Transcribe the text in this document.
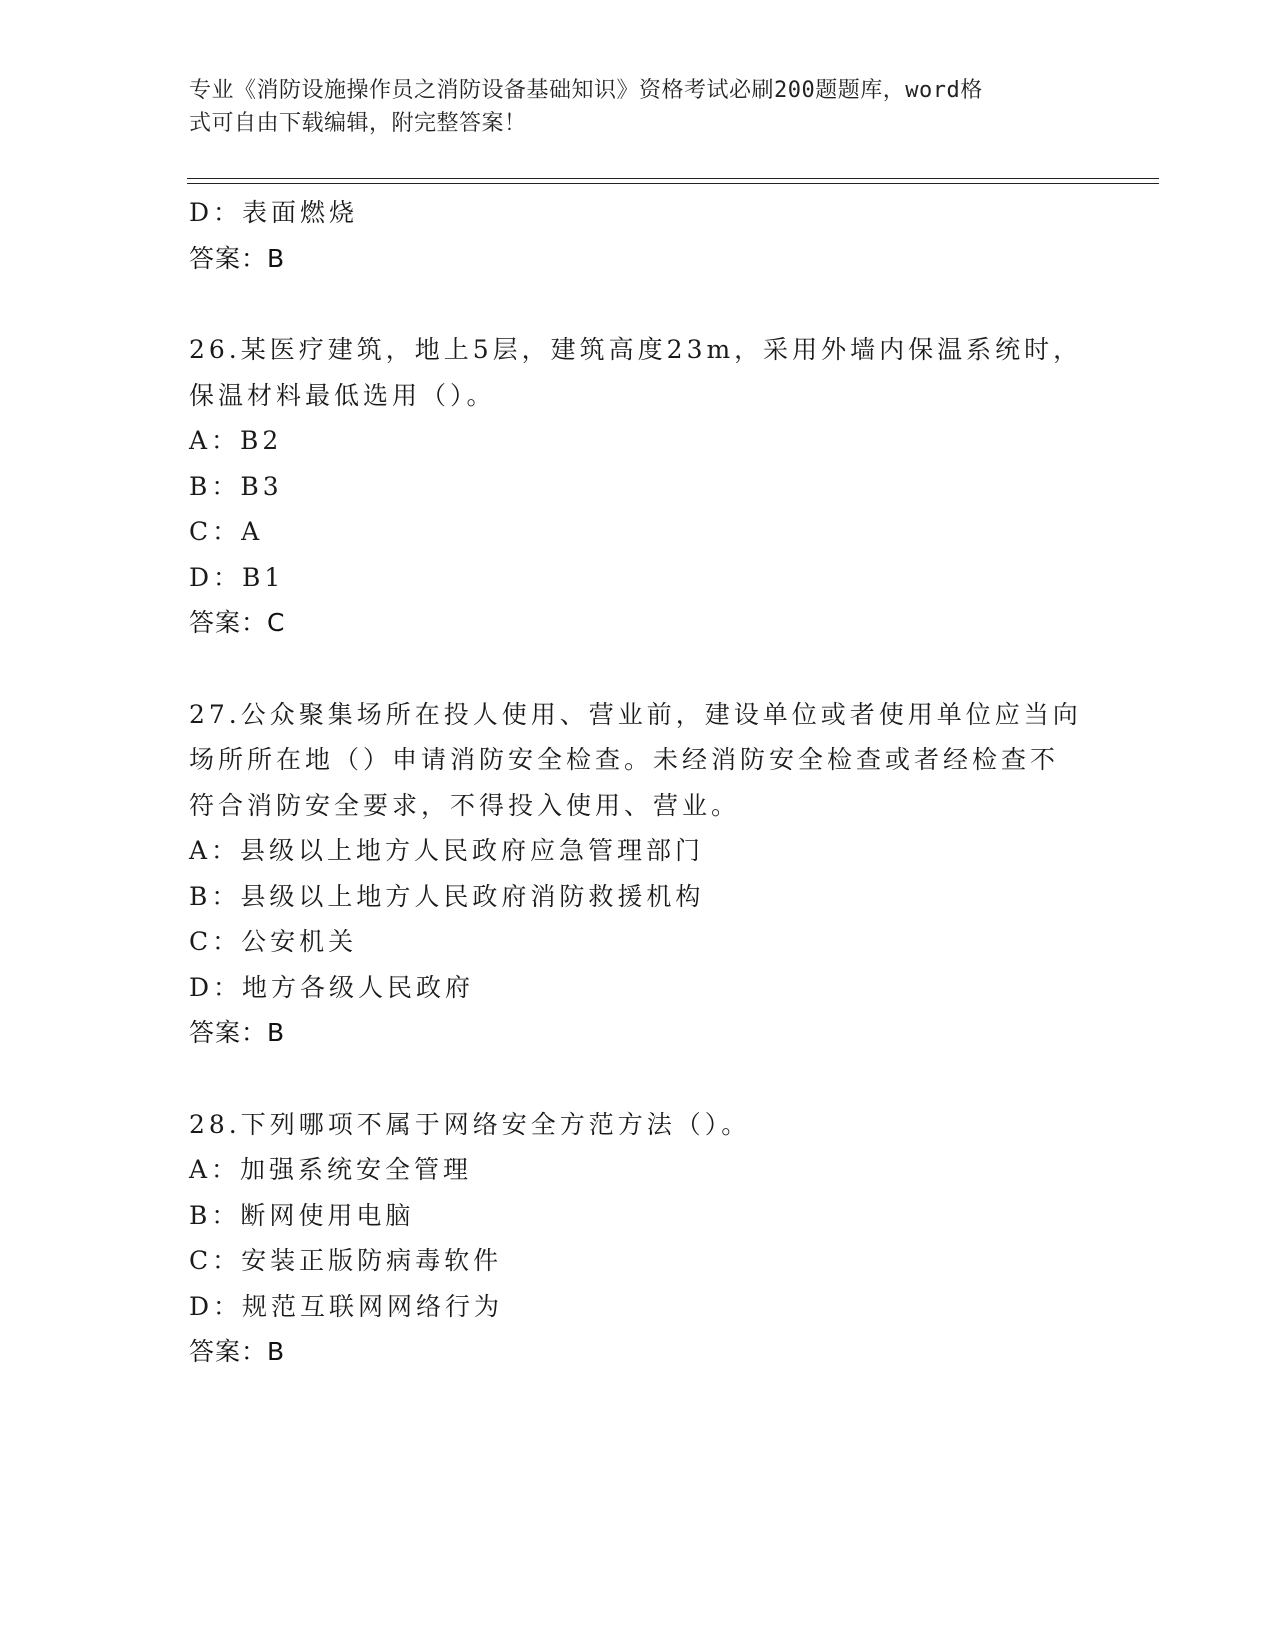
专业《消防设施操作员之消防设备基础知识》资格考试必刷200题题库，word格
式可自由下载编辑，附完整答案！
D：表面燃烧
答案：B
26.某医疗建筑，地上5层，建筑高度23m，采用外墙内保温系统时，
保温材料最低选用（）。
A：B2
B：B3
C：A
D：B1
答案：C
27.公众聚集场所在投人使用、营业前，建设单位或者使用单位应当向
场所所在地（）申请消防安全检查。未经消防安全检查或者经检查不
符合消防安全要求，不得投入使用、营业。
A：县级以上地方人民政府应急管理部门
B：县级以上地方人民政府消防救援机构
C：公安机关
D：地方各级人民政府
答案：B
28.下列哪项不属于网络安全方范方法（）。
A：加强系统安全管理
B：断网使用电脑
C：安装正版防病毒软件
D：规范互联网网络行为
答案：B
